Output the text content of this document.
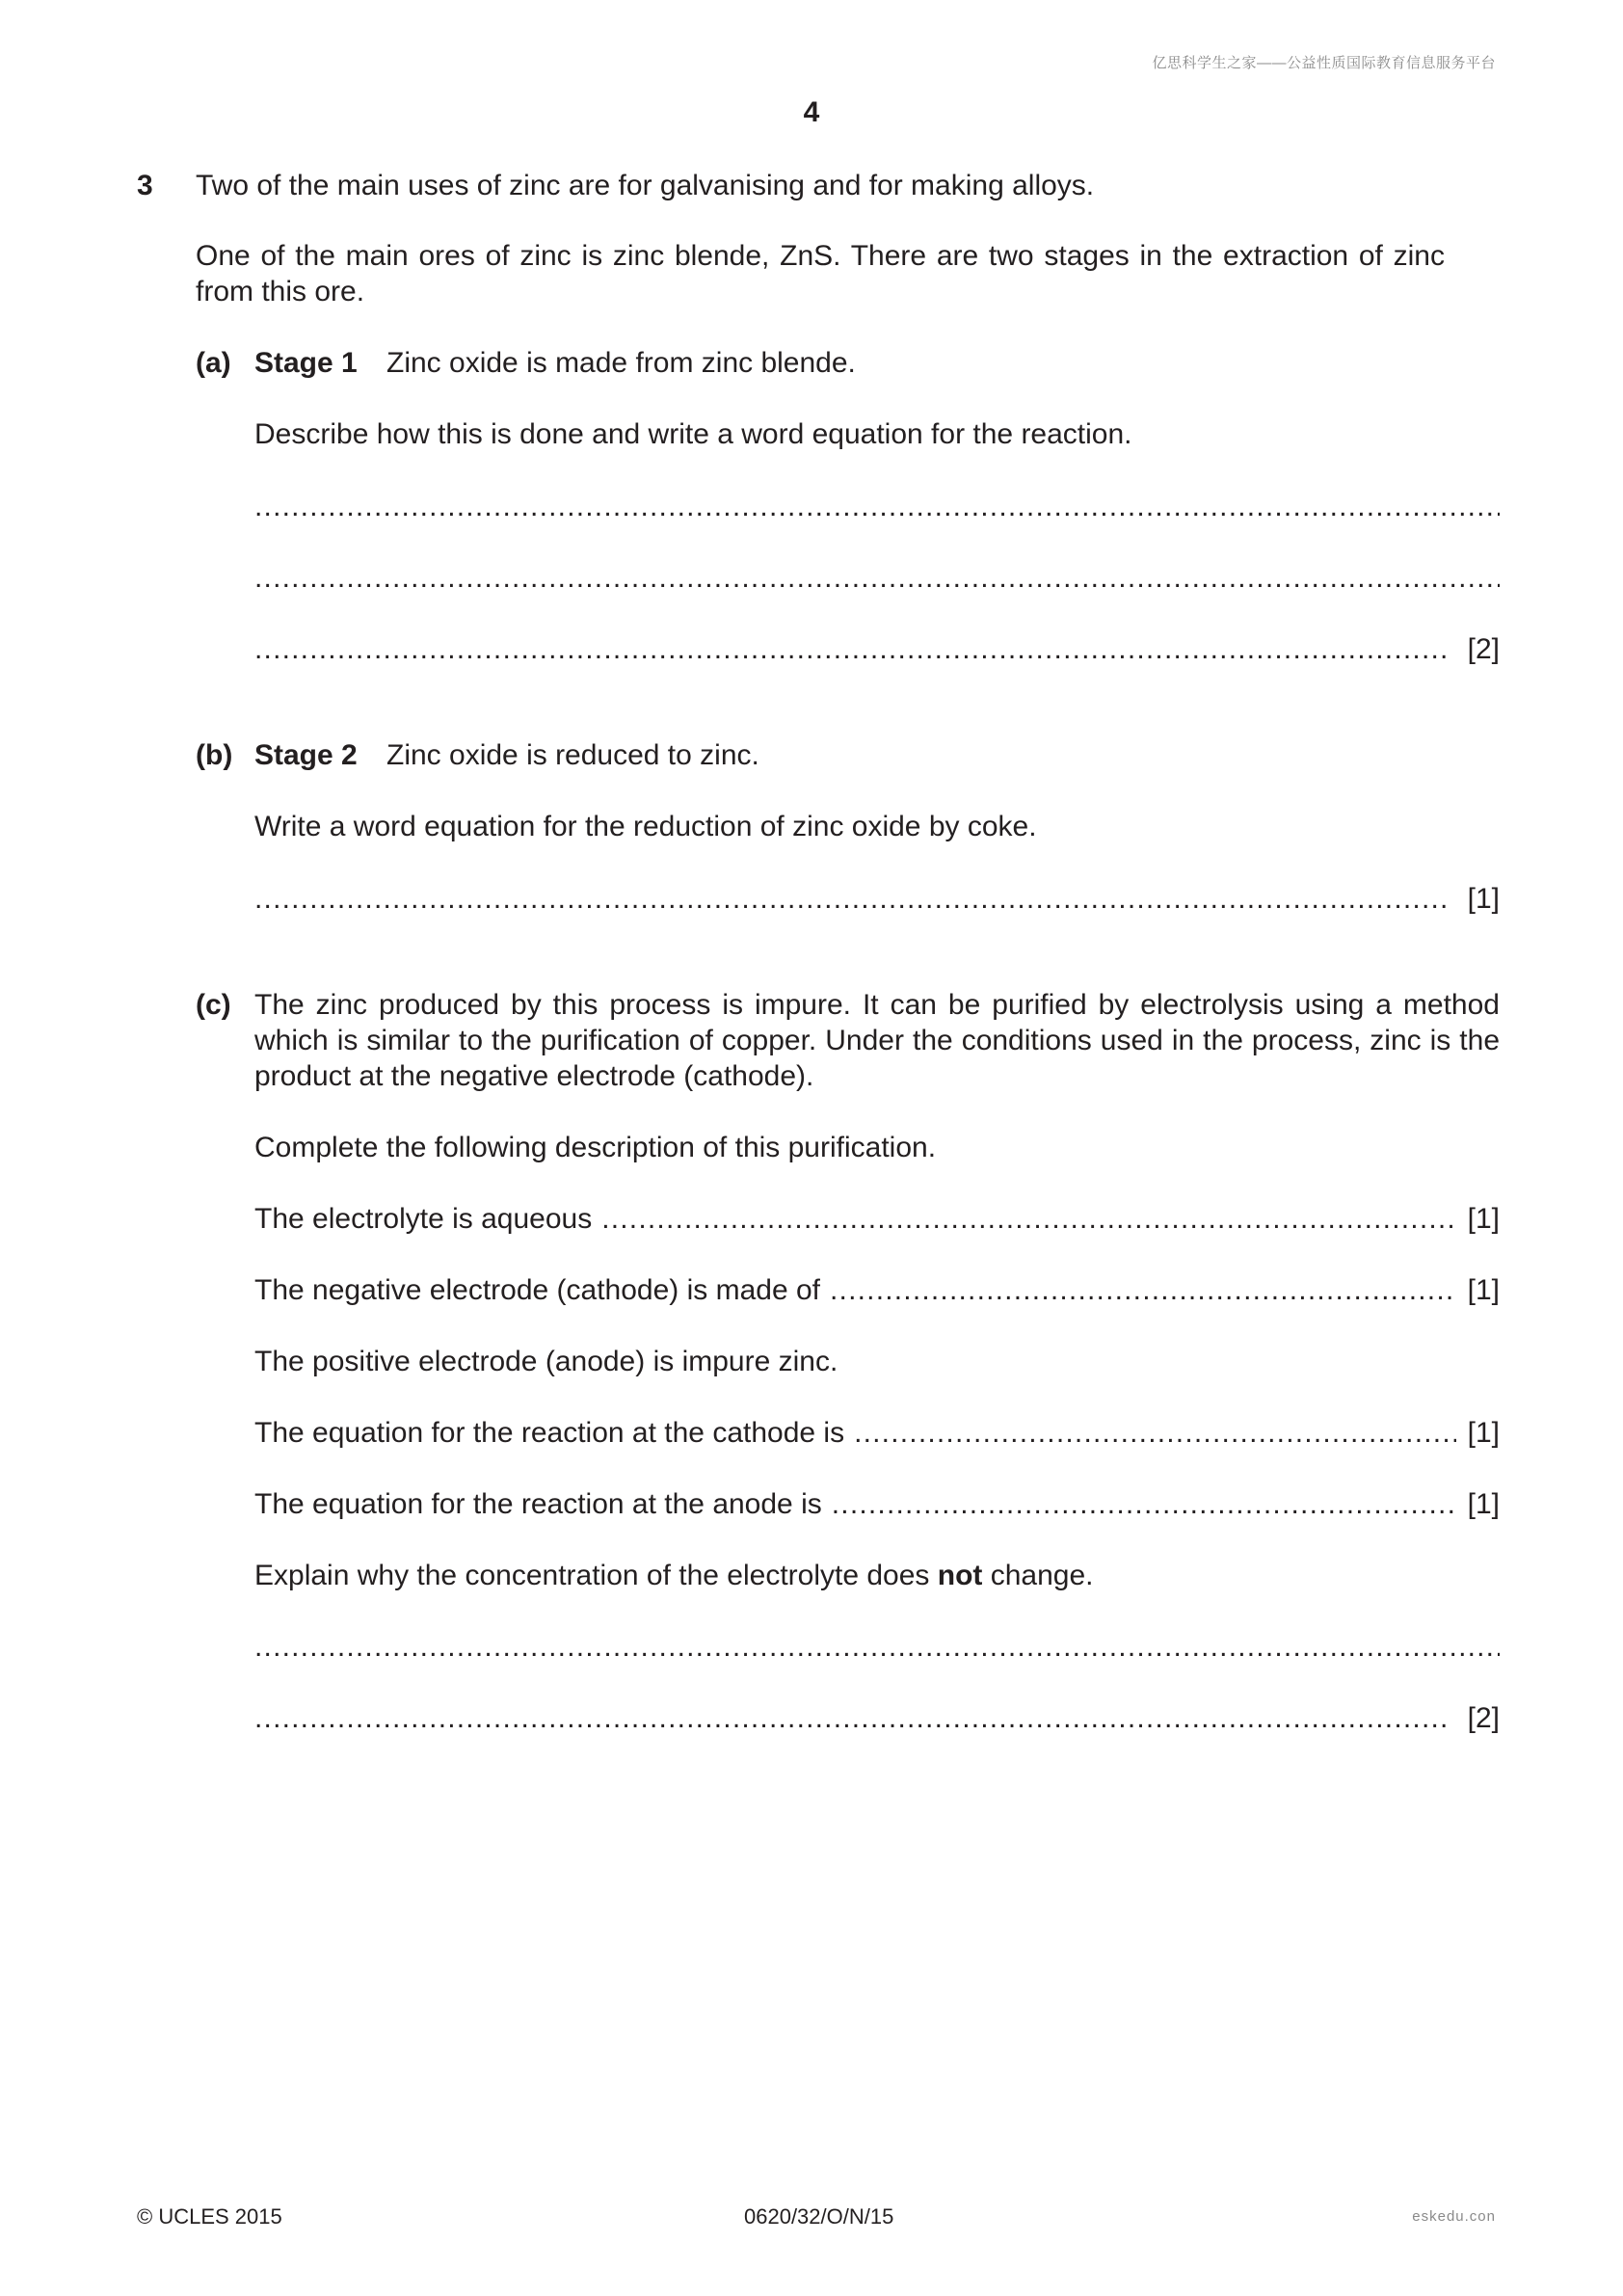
亿思科学生之家——公益性质国际教育信息服务平台
4
3 Two of the main uses of zinc are for galvanising and for making alloys.
One of the main ores of zinc is zinc blende, ZnS. There are two stages in the extraction of zinc from this ore.
(a) Stage 1 Zinc oxide is made from zinc blende.
Describe how this is done and write a word equation for the reaction.
.....
.....
.....
[2]
(b) Stage 2 Zinc oxide is reduced to zinc.
Write a word equation for the reduction of zinc oxide by coke.
.....
[1]
(c) The zinc produced by this process is impure. It can be purified by electrolysis using a method which is similar to the purification of copper. Under the conditions used in the process, zinc is the product at the negative electrode (cathode).
Complete the following description of this purification.
The electrolyte is aqueous .....	[1]
The negative electrode (cathode) is made of .....	[1]
The positive electrode (anode) is impure zinc.
The equation for the reaction at the cathode is .....	[1]
The equation for the reaction at the anode is .....	[1]
Explain why the concentration of the electrolyte does not change.
.....
.....
[2]
© UCLES 2015	0620/32/O/N/15	eskedu.con
